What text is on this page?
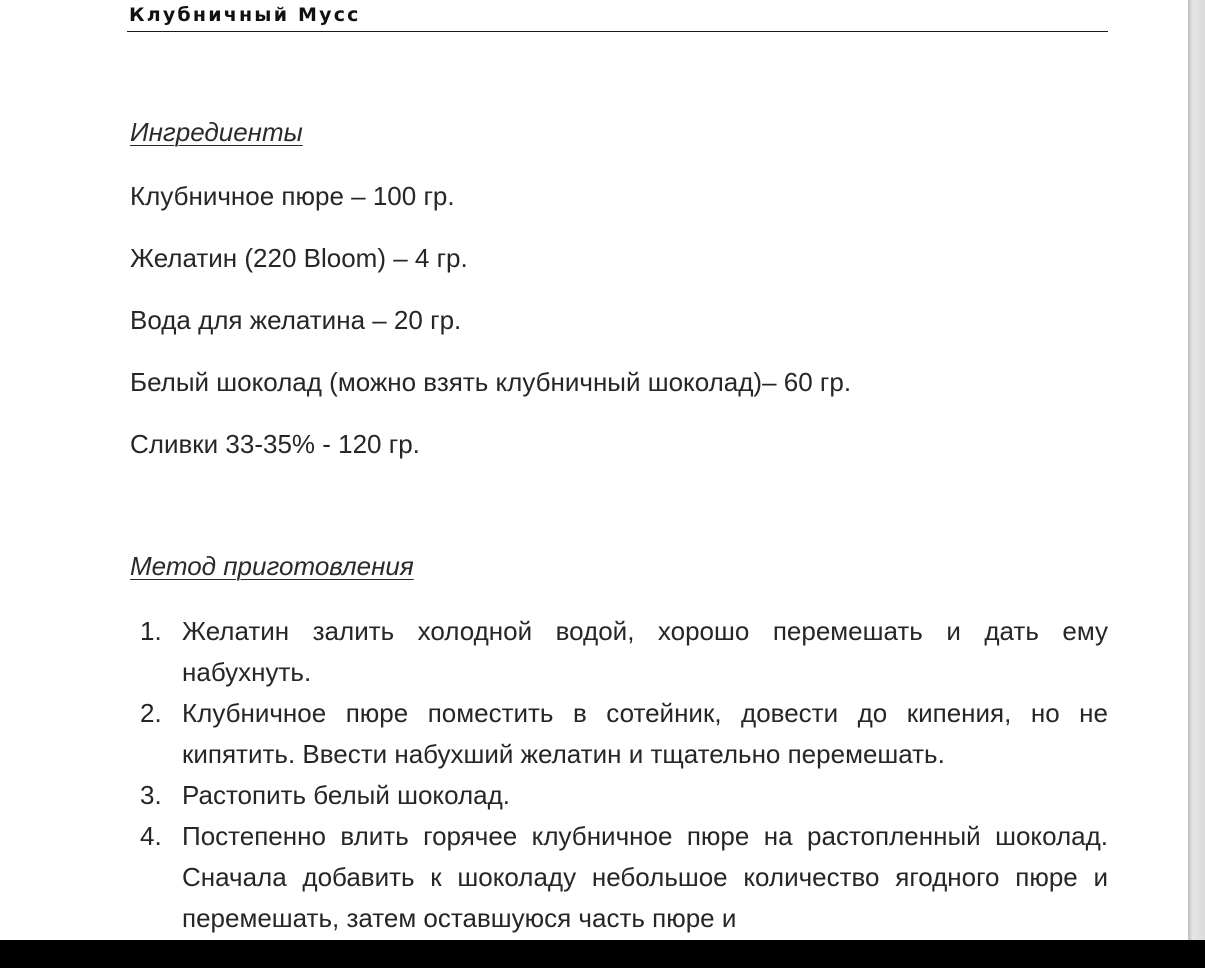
Клубничный Мусс
Ингредиенты
Клубничное пюре – 100 гр.
Желатин (220 Bloom) – 4 гр.
Вода для желатина – 20 гр.
Белый шоколад (можно взять клубничный шоколад)– 60 гр.
Сливки 33-35% - 120 гр.
Метод приготовления
1. Желатин залить холодной водой, хорошо перемешать и дать ему набухнуть.
2. Клубничное пюре поместить в сотейник, довести до кипения, но не кипятить. Ввести набухший желатин и тщательно перемешать.
3. Растопить белый шоколад.
4. Постепенно влить горячее клубничное пюре на растопленный шоколад. Сначала добавить к шоколаду небольшое количество ягодного пюре и перемешать, затем оставшуюся часть пюре и
